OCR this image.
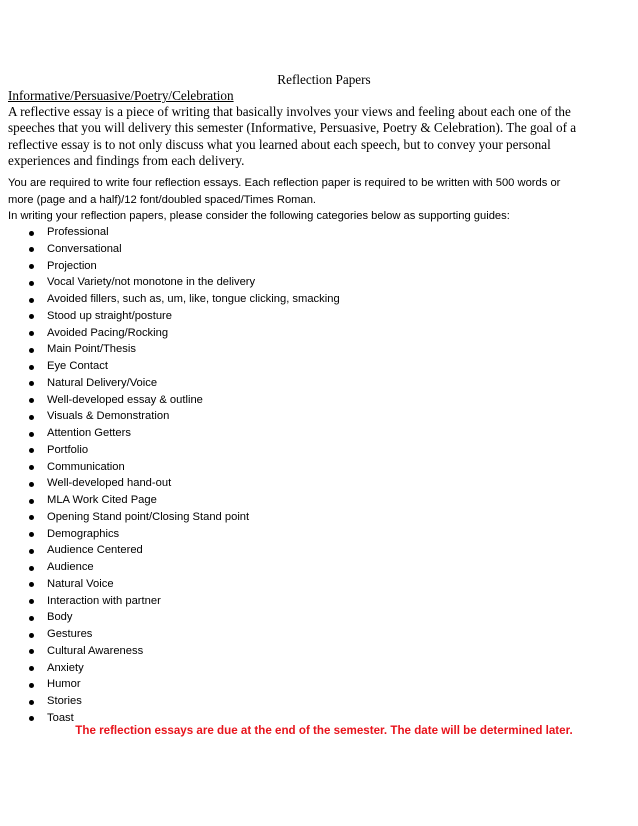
Reflection Papers
Informative/Persuasive/Poetry/Celebration
A reflective essay is a piece of writing that basically involves your views and feeling about each one of the
speeches that you will delivery this semester (Informative, Persuasive, Poetry & Celebration). The goal of a
reflective essay is to not only discuss what you learned about each speech, but to convey your personal
experiences and findings from each delivery.
You are required to write four reflection essays. Each reflection paper is required to be written with 500 words or
more (page and a half)/12 font/doubled spaced/Times Roman.
In writing your reflection papers, please consider the following categories below as supporting guides:
Professional
Conversational
Projection
Vocal Variety/not monotone in the delivery
Avoided fillers, such as, um, like, tongue clicking, smacking
Stood up straight/posture
Avoided Pacing/Rocking
Main Point/Thesis
Eye Contact
Natural Delivery/Voice
Well-developed essay & outline
Visuals & Demonstration
Attention Getters
Portfolio
Communication
Well-developed hand-out
MLA Work Cited Page
Opening Stand point/Closing Stand point
Demographics
Audience Centered
Audience
Natural Voice
Interaction with partner
Body
Gestures
Cultural Awareness
Anxiety
Humor
Stories
Toast
The reflection essays are due at the end of the semester. The date will be determined later.
